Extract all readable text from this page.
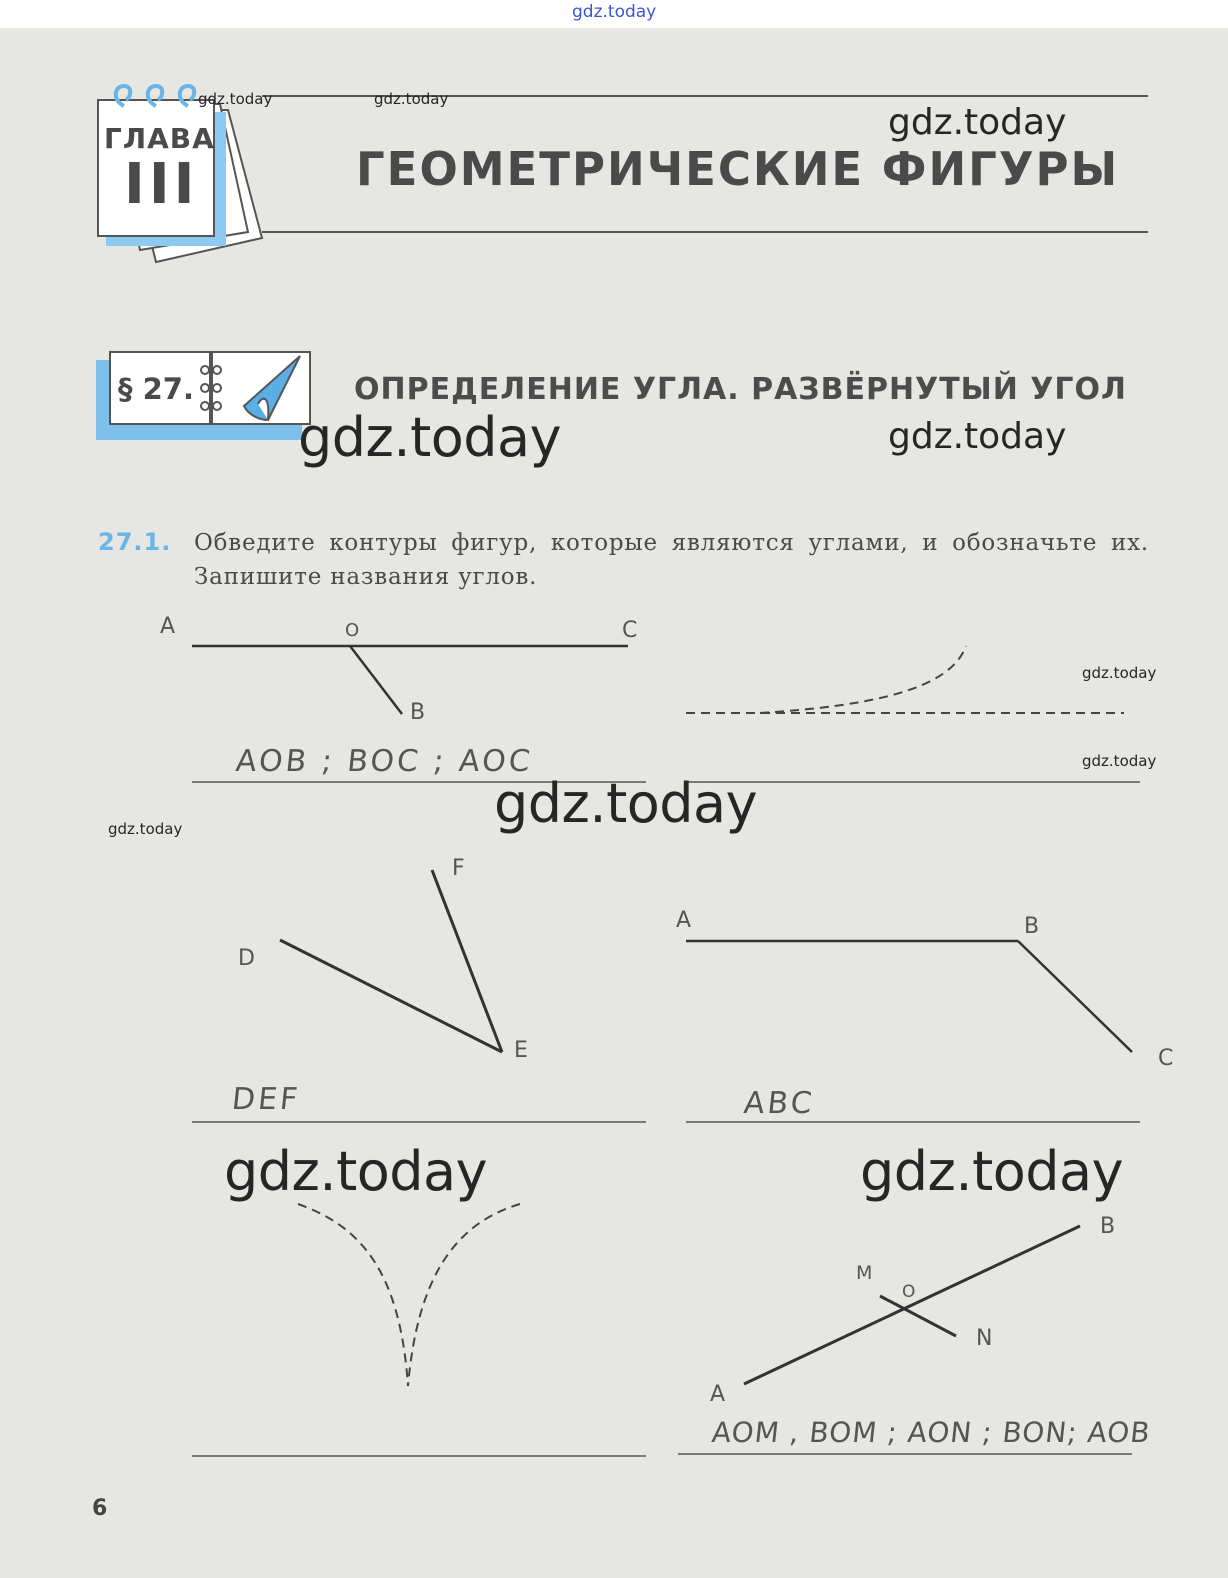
gdz.today
ГЛАВА
III	ГЕОМЕТРИЧЕСКИЕ ФИГУРЫ
§ 27.	ОПРЕДЕЛЕНИЕ УГЛА. РАЗВЁРНУТЫЙ УГОЛ
27.1. Обведите контуры фигур, которые являются углами, и обозначьте их. Запишите названия углов.
A	O	C
B
D
F
E
A	B
C
M
O
N
A
B
AOB ; BOC ; AOC
DEF	ABC
AOM , BOM ; AON ; BON; AOB
gdz.today	gdz.today
gdz.today
gdz.today	gdz.today
gdz.today
gdz.today
gdz.today
gdz.today
gdz.today	gdz.today
6
